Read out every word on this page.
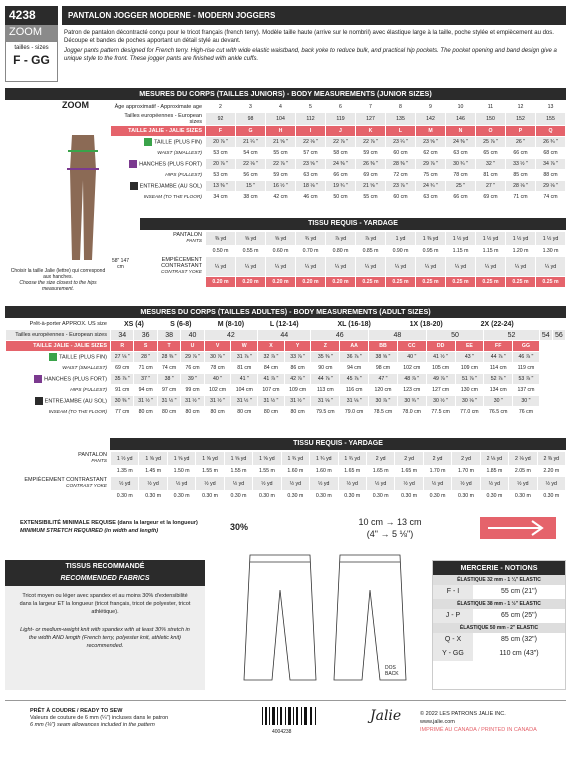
4238
ZOOM
tailles - sizes
F - GG
PANTALON JOGGER MODERNE - MODERN JOGGERS
Patron de pantalon décontracté conçu pour le tricot français (french terry). Modèle taille haute (arrive sur le nombril) avec élastique large à la taille, poche stylée et empiècement au dos. Découpe et bandes de poches apportant un détail stylé au devant.
Jogger pants pattern designed for French terry. High-rise cut with wide elastic waistband, back yoke to reduce bulk, and practical hip pockets. The pocket opening and band design give a unique style to the front. These jogger pants are finished with ankle cuffs.
MESURES DU CORPS (TAILLES JUNIORS) - BODY MEASUREMENTS (JUNIOR SIZES)
ZOOM
58" 147 cm
Choisir la taille Jalie (lettre) qui correspond aux hanches.
Choose the size closest to the hips measurement.
Âge approximatif - Approximate age	2	3	4	5	6	7	8	9	10	11	12	13
Tailles européennes - European sizes	92	98	104	112	119	127	135	142	146	150	152	155
TAILLE JALIE - JALIE SIZES	F	G	H	I	J	K	L	M	N	O	P	Q
TAILLE (PLUS FIN)	20 ⅞ "	21 ¼ "	21 ⅝ "	22 ⅛ "	22 ⅞ "	22 ⅞ "	23 ¼ "	23 ⅝ "	24 ⅜ "	25 ⅞ "	26 "	26 ¾ "
WAIST (SMALLEST)	53 cm	54 cm	55 cm	57 cm	58 cm	59 cm	60 cm	62 cm	63 cm	65 cm	66 cm	68 cm
HANCHES (PLUS FORT)	20 ⅞ "	22 ⅛ "	22 ⅞ "	23 ⅝ "	24 ⅜ "	26 ⅜ "	28 ⅜ "	29 ⅞ "	30 ¾ "	32 "	33 ½ "	34 ⅞ "
HIPS (FULLEST)	53 cm	56 cm	59 cm	63 cm	66 cm	69 cm	72 cm	75 cm	78 cm	81 cm	85 cm	88 cm
ENTREJAMBE (AU SOL)	13 ⅜ "	15 "	16 ½ "	18 ⅛ "	19 ¾ "	21 ⅝ "	23 ⅞ "	24 ¾ "	25 "	27 "	28 ⅛ "	29 ⅛ "
INSEAM (TO THE FLOOR)	34 cm	38 cm	42 cm	46 cm	50 cm	55 cm	60 cm	63 cm	66 cm	69 cm	71 cm	74 cm
TISSU REQUIS - YARDAGE
PANTALON
PANTS	⅜ yd	⅝ yd	⅝ yd	¾ yd	⅞ yd	⅞ yd	1 yd	1 ⅜ yd	1 ½ yd	1 ½ yd	1 ½ yd	1 ½ yd
	0.50 m	0.55 m	0.60 m	0.70 m	0.80 m	0.85 m	0.90 m	0.95 m	1.15 m	1.15 m	1.20 m	1.30 m
EMPIÈCEMENT CONTRASTANT
CONTRAST YOKE	¼ yd	¼ yd	¼ yd	¼ yd	¼ yd	¼ yd	¼ yd	¼ yd	¼ yd	¼ yd	¼ yd	¼ yd
	0.20 m	0.20 m	0.20 m	0.20 m	0.20 m	0.25 m	0.25 m	0.25 m	0.25 m	0.25 m	0.25 m	0.25 m
MESURES DU CORPS (TAILLES ADULTES) - BODY MEASUREMENTS (ADULT SIZES)
Prêt-à-porter APPROX. US size	XS (4)		S (6-8)		M (8-10)		L (12-14)		XL (16-18)			1X (18-20)		2X (22-24)				
Tailles européennes - European sizes	34	36	38	40	42		44		46		48		50		52		54	56
TAILLE JALIE - JALIE SIZES	R	S	T	U	V	W	X	Y	Z	AA	BB	CC	DD	EE	FF	GG		
TAILLE (PLUS FIN)	27 ⅛ "	28 "	28 ⅜ "	29 ⅞ "	30 ⅞ "	31 ⅞ "	32 ⅞ "	33 ⅞ "	35 ⅜ "	36 ⅞ "	38 ⅝ "	40 "	41 ½ "	43 "	44 ⅞ "	46 ⅞ "		
WAIST (SMALLEST)	69 cm	71 cm	74 cm	76 cm	78 cm	81 cm	84 cm	86 cm	90 cm	94 cm	98 cm	102 cm	105 cm	109 cm	114 cm	119 cm		
HANCHES (PLUS FORT)	35 ⅞ "	37 "	38 "	39 "	40 "	41 "	41 ⅞ "	42 ⅞ "	44 ⅞ "	45 ⅞ "	47 "	48 ⅞ "	49 ⅞ "	51 ⅞ "	52 ⅞ "	53 ⅞ "		
HIPS (FULLEST)	91 cm	94 cm	97 cm	99 cm	102 cm	104 cm	107 cm	109 cm	113 cm	116 cm	120 cm	123 cm	127 cm	130 cm	134 cm	137 cm		
ENTREJAMBE (AU SOL)	30 ⅜ "	31 ½ "	31 ½ "	31 ½ "	31 ½ "	31 ½ "	31 ½ "	31 ½ "	31 ⅛ "	31 ⅛ "	30 ⅞ "	30 ¾ "	30 ½ "	30 ⅛ "	30 "	30 "		
INSEAM (TO THE FLOOR)	77 cm	80 cm	80 cm	80 cm	80 cm	80 cm	80 cm	80 cm	79.5 cm	79.0 cm	78.5 cm	78.0 cm	77.5 cm	77.0 cm	76.5 cm	76 cm		
TISSU REQUIS - YARDAGE
PANTALON
PANTS	1 ½ yd	1 ⅝ yd	1 ⅝ yd	1 ⅝ yd	1 ⅝ yd	1 ⅝ yd	1 ¾ yd	1 ¾ yd	1 ¾ yd	2 yd	2 yd	2 yd	2 yd	2 ⅛ yd	2 ⅛ yd	2 ⅜ yd
	1.35 m	1.45 m	1.50 m	1.55 m	1.55 m	1.55 m	1.60 m	1.60 m	1.65 m	1.65 m	1.65 m	1.70 m	1.70 m	1.85 m	2.05 m	2.20 m
EMPIÈCEMENT CONTRASTANT
CONTRAST YOKE	½ yd	½ yd	½ yd	½ yd	½ yd	½ yd	½ yd	½ yd	½ yd	½ yd	½ yd	½ yd	½ yd	½ yd	½ yd	½ yd
	0.30 m	0.30 m	0.30 m	0.30 m	0.30 m	0.30 m	0.30 m	0.30 m	0.30 m	0.30 m	0.30 m	0.30 m	0.30 m	0.30 m	0.30 m	0.30 m
EXTENSIBILITÉ MINIMALE REQUISE (dans la largeur et la longueur)
MINIMUM STRETCH REQUIRED (in width and length)	30%	10 cm → 13 cm
(4" → 5 ⅛")
TISSUS RECOMMANDÉ
RECOMMENDED FABRICS
Tricot moyen ou léger avec spandex et au moins 30% d'extensibilité dans la largeur ET la longueur (tricot français, tricot de polyester, tricot athlétique).
Light- or medium-weight knit with spandex with at least 30% stretch in the width AND length (French terry, polyester knit, athletic knit) recommended.
DOS BACK
MERCERIE - NOTIONS
ÉLASTIQUE 32 mm - 1 ¼" ELASTIC
F - I	55 cm (21")
ÉLASTIQUE 38 mm - 1 ½" ELASTIC
J - P	65 cm (25")
ÉLASTIQUE 50 mm - 2" ELASTIC
Q - X	85 cm (32")
Y - GG	110 cm (43")
PRÊT À COUDRE / READY TO SEW
Valeurs de couture de 6 mm (¼") incluses dans le patron
6 mm (¼") seam allowances included in the pattern
4004238
Jalie	© 2022 LES PATRONS JALIE INC.
www.jalie.com
IMPRIMÉ AU CANADA / PRINTED IN CANADA
